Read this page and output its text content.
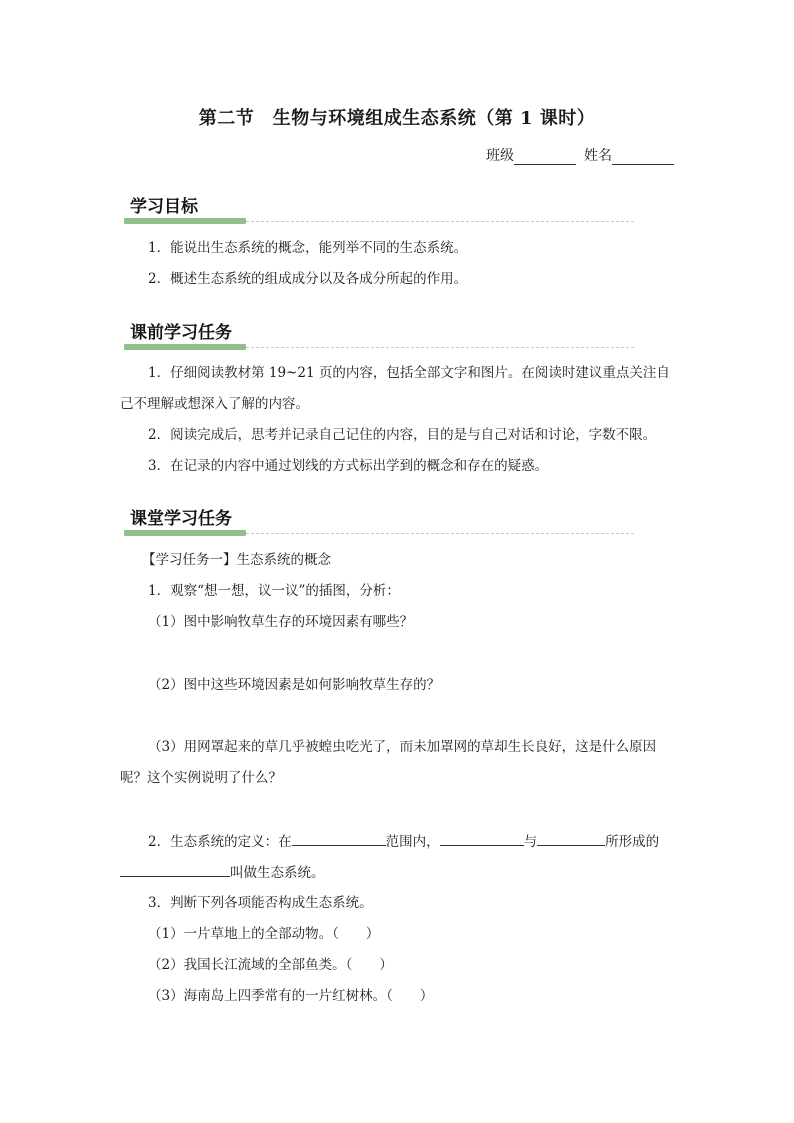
第二节　生物与环境组成生态系统（第 1 课时）
班级	姓名
学习目标
1．能说出生态系统的概念，能列举不同的生态系统。
2．概述生态系统的组成成分以及各成分所起的作用。
课前学习任务
1．仔细阅读教材第 19~21 页的内容，包括全部文字和图片。在阅读时建议重点关注自
己不理解或想深入了解的内容。
2．阅读完成后，思考并记录自己记住的内容，目的是与自己对话和讨论，字数不限。
3．在记录的内容中通过划线的方式标出学到的概念和存在的疑惑。
课堂学习任务
【学习任务一】生态系统的概念
1．观察“想一想，议一议”的插图，分析：
（1）图中影响牧草生存的环境因素有哪些？
（2）图中这些环境因素是如何影响牧草生存的？
（3）用网罩起来的草几乎被蝗虫吃光了，而未加罩网的草却生长良好，这是什么原因
呢？这个实例说明了什么？
2．生态系统的定义：在	范围内，	与	所形成的
叫做生态系统。
3．判断下列各项能否构成生态系统。
（1）一片草地上的全部动物。（　　）
（2）我国长江流域的全部鱼类。（　　）
（3）海南岛上四季常有的一片红树林。（　　）
